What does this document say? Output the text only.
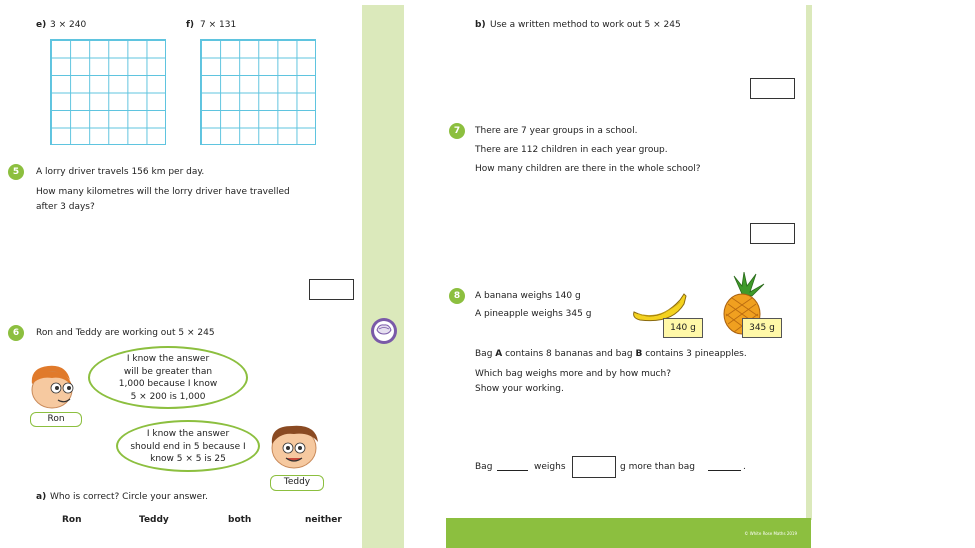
e) 3 × 240	f) 7 × 131
5	A lorry driver travels 156 km per day.
How many kilometres will the lorry driver have travelled
after 3 days?
6	Ron and Teddy are working out 5 × 245
Ron
I know the answer
will be greater than
1,000 because I know
5 × 200 is 1,000
I know the answer
should end in 5 because I
know 5 × 5 is 25
Teddy
a) Who is correct? Circle your answer.
Ron	Teddy	both	neither
b) Use a written method to work out 5 × 245
7	There are 7 year groups in a school.
There are 112 children in each year group.
How many children are there in the whole school?
8	A banana weighs 140 g
A pineapple weighs 345 g
140 g	345 g
Bag A contains 8 bananas and bag B contains 3 pineapples.
Which bag weighs more and by how much?
Show your working.
Bag	weighs	g more than bag	.
© White Rose Maths 2019
